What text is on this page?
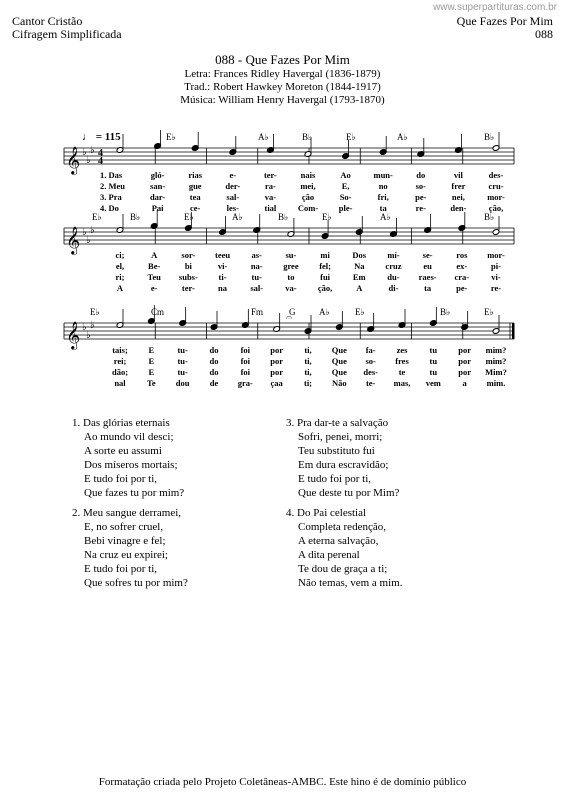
www.superpartituras.com.br
Cantor Cristão
Cifragem Simplificada
Que Fazes Por Mim
088
088 - Que Fazes Por Mim
Letra: Frances Ridley Havergal (1836-1879)
Trad.: Robert Hawkey Moreton (1844-1917)
Música: William Henry Havergal (1793-1870)
♩ = 115
𝄞 ♭
♭
♭ 4
4
E♭	A♭	B♭	E♭	A♭	B♭
1. Das	gló-	rias	e-	ter-	nais	Ao	mun-	do	vil	des-
2. Meu	san-	gue	der-	ra-	mei,	E,	no	so-	frer	cru-
3. Pra	dar-	tea	sal-	va-	ção	So-	fri,	pe-	nei,	mor-
4. Do	Pai	ce-	les-	tial	Com- ple-	ta	re-	den-	ção,
𝄞 ♭
♭
♭
E♭	B♭	E♭	A♭	B♭	E♭	A♭	B♭
ci;	A	sor- teeu	as-	su-	mi	Dos mí-	se-	ros mor-
el,	Be-	bi	vi-	na- gree fel;	Na cruz	eu	ex-	pi-
ri;	Teu subs- ti-	tu-	to	fui	Em	du- raes- cra-	vi-
A	e-	ter-	na	sal-	va-	ção,	A	di-	ta	pe-	re-
𝄞 ♭
♭
♭
E♭	Cm	Fm	G	A♭	E♭	B♭	E♭
𝄐
tais; E	tu-	do	foi por	ti, Que fa- zes	tu por mim?
rei;	E	tu-	do	foi por	ti, Que so- fres tu por mim?
dão; E	tu-	do	foi por	ti, Que des- te	tu por Mim?
nal	Te dou de gra- çaa ti; Não te- mas, vem	a mim.
1. Das glórias eternais
Ao mundo vil desci;
A sorte eu assumi
Dos míseros mortais;
E tudo foi por ti,
Que fazes tu por mim?
3. Pra dar-te a salvação
Sofri, penei, morri;
Teu substituto fui
Em dura escravidão;
E tudo foi por ti,
Que deste tu por Mim?
2. Meu sangue derramei,
E, no sofrer cruel,
Bebi vinagre e fel;
Na cruz eu expirei;
E tudo foi por ti,
Que sofres tu por mim?
4. Do Pai celestial
Completa redenção,
A eterna salvação,
A dita perenal
Te dou de graça a ti;
Não temas, vem a mim.
Formatação criada pelo Projeto Coletâneas-AMBC. Este hino é de domínio público
